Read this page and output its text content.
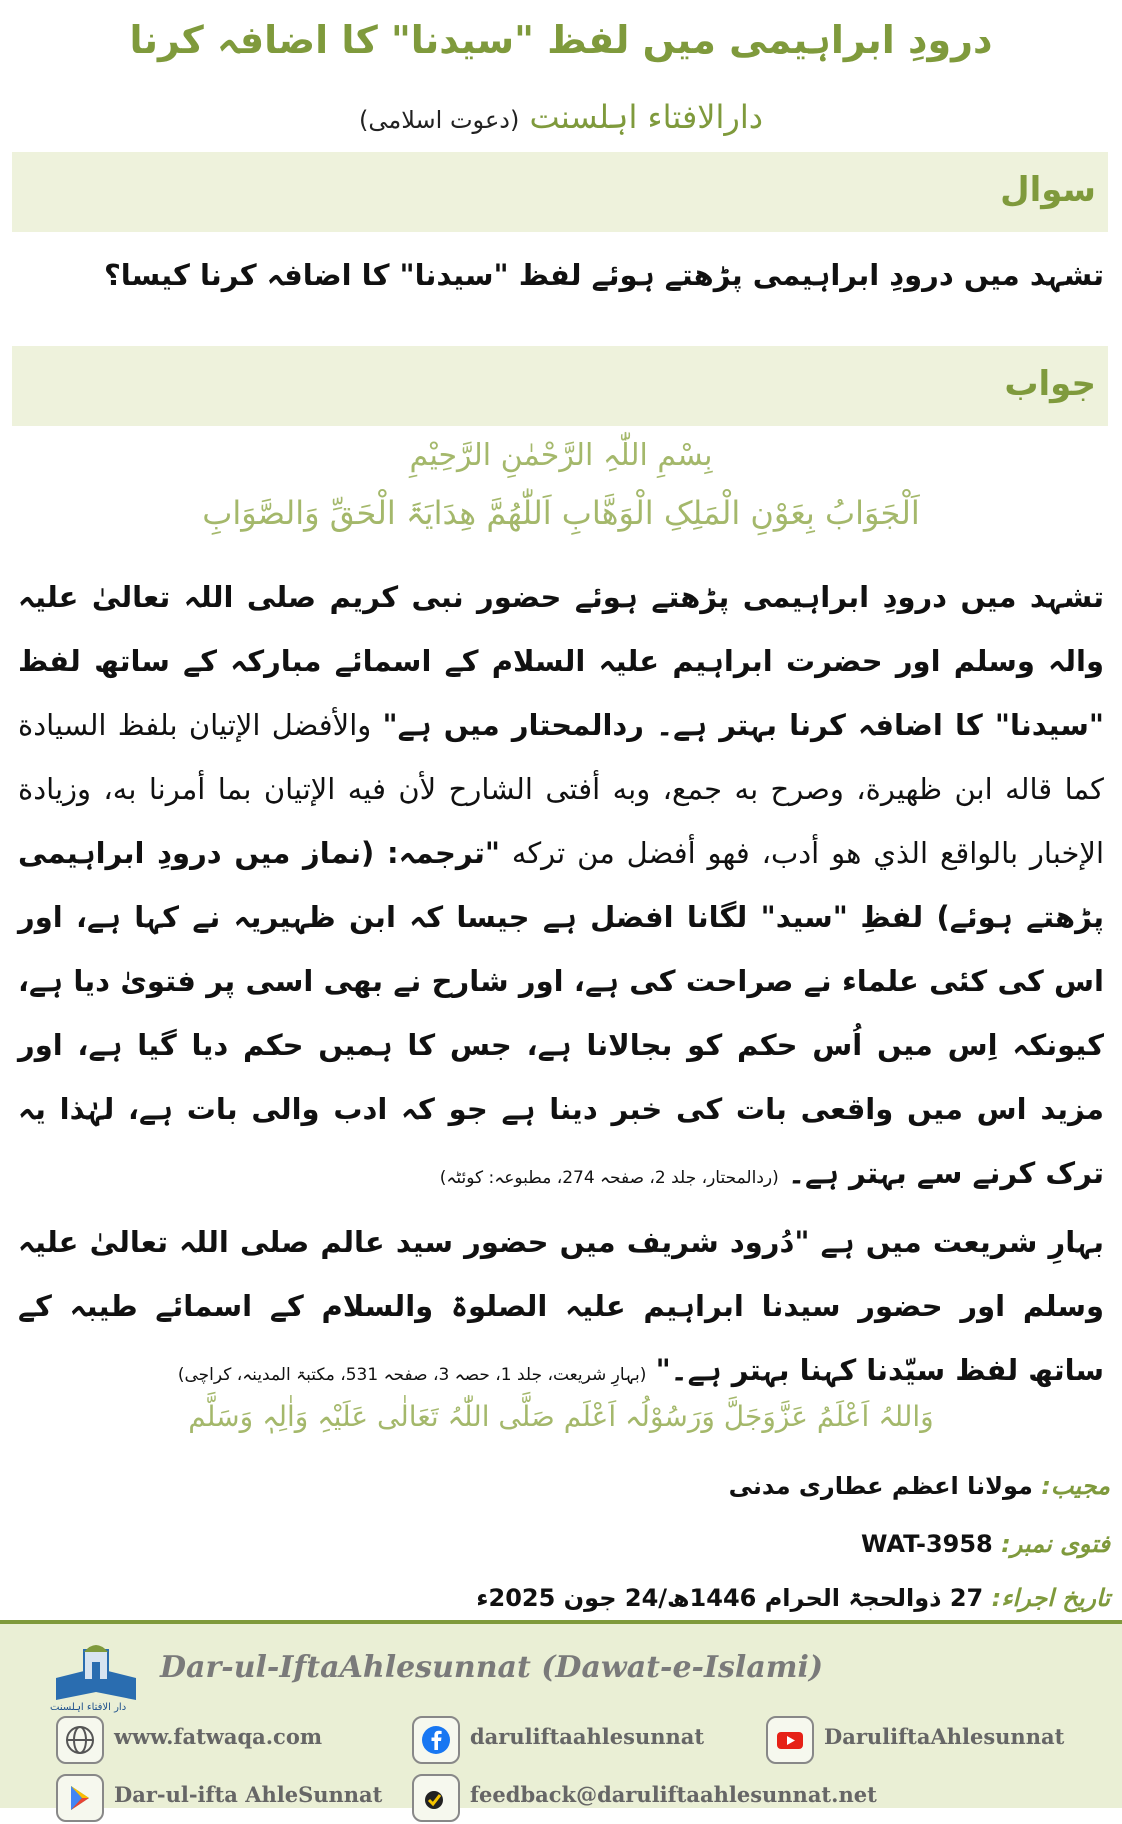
درودِ ابراہیمی میں لفظ "سیدنا" کا اضافہ کرنا
دارالافتاء اہلسنت (دعوت اسلامی)
سوال
تشہد میں درودِ ابراہیمی پڑھتے ہوئے لفظ "سیدنا" کا اضافہ کرنا کیسا؟
جواب
بِسْمِ اللّٰہِ الرَّحْمٰنِ الرَّحِیْمِ
اَلْجَوَابُ بِعَوْنِ الْمَلِکِ الْوَھَّابِ اَللّٰھُمَّ ھِدَایَۃَ الْحَقِّ وَالصَّوَابِ
تشہد میں درودِ ابراہیمی پڑھتے ہوئے حضور نبی کریم صلی اللہ تعالیٰ علیہ والہ وسلم اور حضرت ابراہیم علیہ السلام کے اسمائے مبارکہ کے ساتھ لفظ "سیدنا" کا اضافہ کرنا بہتر ہے۔ ردالمحتار میں ہے" والأفضل الإتيان بلفظ السيادة كما قاله ابن ظهيرة، وصرح به جمع، وبه أفتى الشارح لأن فيه الإتيان بما أمرنا به، وزيادة الإخبار بالواقع الذي هو أدب، فهو أفضل من تركه "ترجمہ: (نماز میں درودِ ابراہیمی پڑھتے ہوئے) لفظِ "سید" لگانا افضل ہے جیسا کہ ابن ظہیریہ نے کہا ہے، اور اس کی کئی علماء نے صراحت کی ہے، اور شارح نے بھی اسی پر فتویٰ دیا ہے، کیونکہ اِس میں اُس حکم کو بجالانا ہے، جس کا ہمیں حکم دیا گیا ہے، اور مزید اس میں واقعی بات کی خبر دینا ہے جو کہ ادب والی بات ہے، لہٰذا یہ ترک کرنے سے بہتر ہے۔ (ردالمحتار، جلد 2، صفحہ 274، مطبوعہ: کوئٹہ)
بہارِ شریعت میں ہے "دُرود شریف میں حضور سید عالم صلی اللہ تعالیٰ علیہ وسلم اور حضور سیدنا ابراہیم علیہ الصلوۃ والسلام کے اسمائے طیبہ کے ساتھ لفظ سیّدنا کہنا بہتر ہے۔" (بہارِ شریعت، جلد 1، حصہ 3، صفحہ 531، مکتبۃ المدینہ، کراچی)
وَاللہُ اَعْلَمُ عَزَّوَجَلَّ وَرَسُوْلُہ اَعْلَم صَلَّی اللّٰہُ تَعَالٰی عَلَیْہِ وَاٰلِہٖ وَسَلَّم
مجیب: مولانا اعظم عطاری مدنی
فتوی نمبر: WAT-3958
تاریخ اجراء: 27 ذوالحجۃ الحرام 1446ھ/24 جون 2025ء
دار الافتاء اہلسنت
Dar-ul-IftaAhlesunnat (Dawat-e-Islami)
www.fatwaqa.com	daruliftaahlesunnat	DaruliftaAhlesunnat
Dar-ul-ifta AhleSunnat	feedback@daruliftaahlesunnat.net
